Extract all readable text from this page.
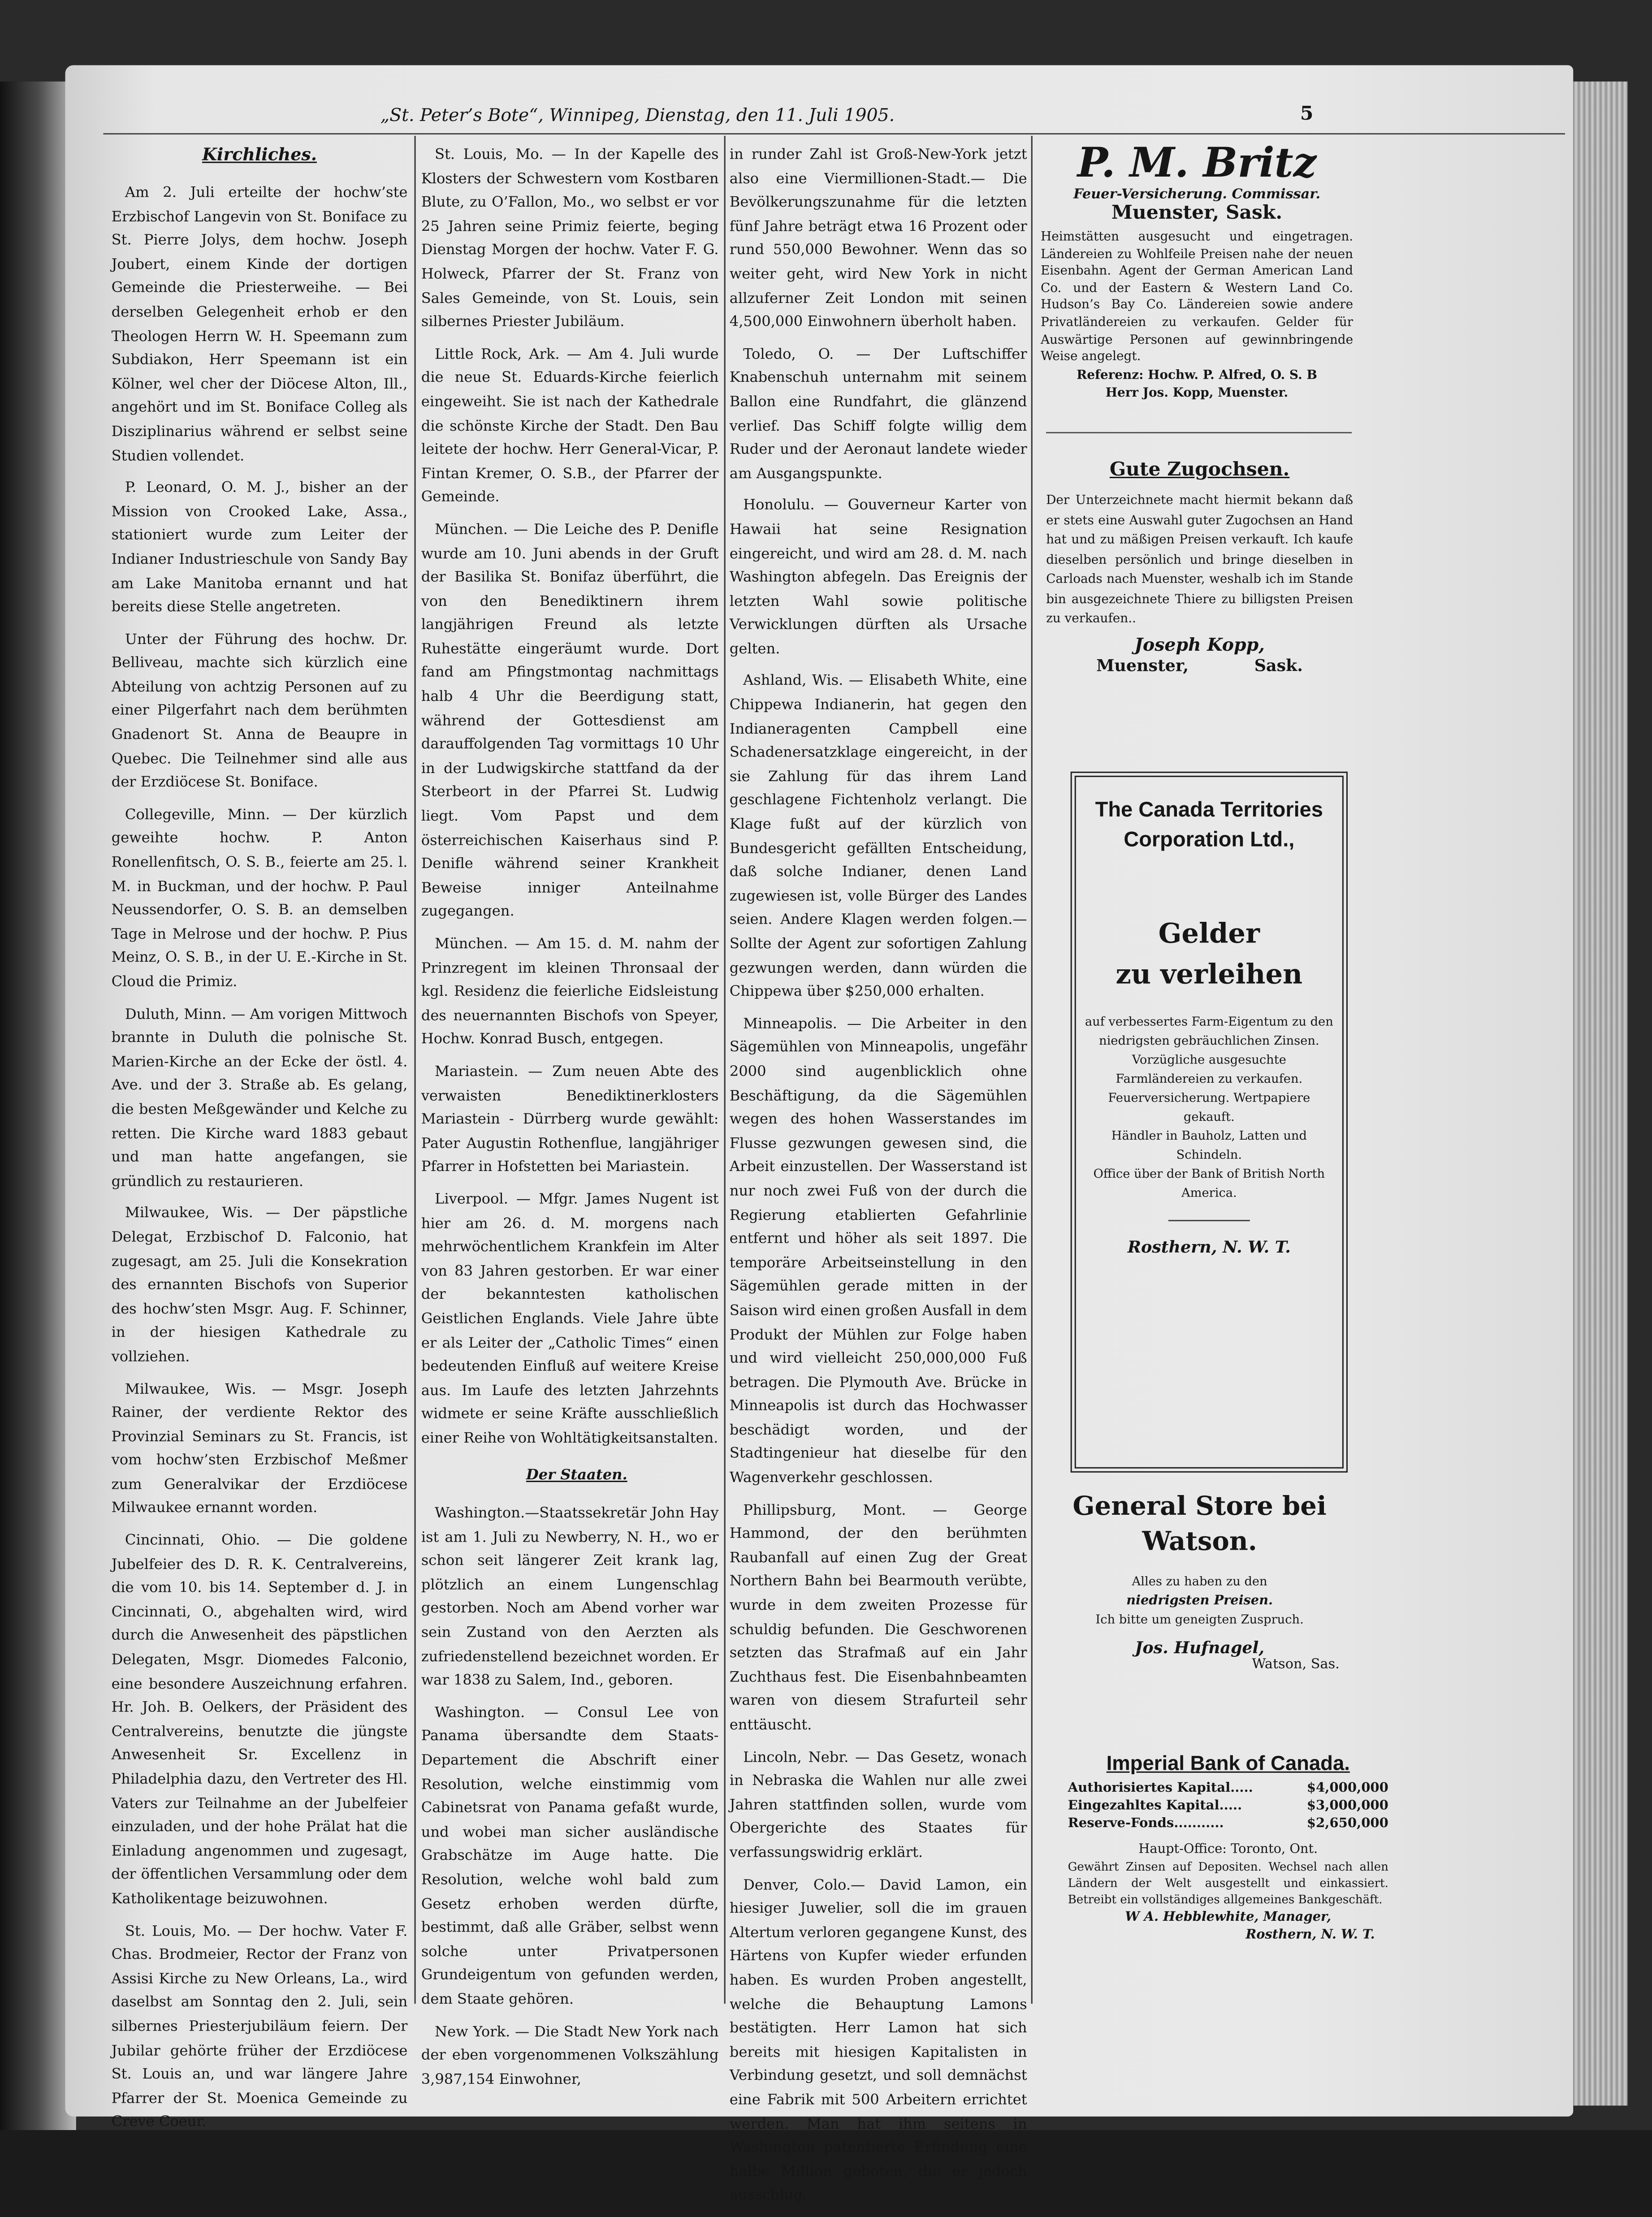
„St. Peter’s Bote“, Winnipeg, Dienstag, den 11. Juli 1905.	5
Kirchliches.

Am 2. Juli erteilte der hochw’ste Erzbischof Langevin von St. Boniface zu St. Pierre Jolys, dem hochw. Joseph Joubert, einem Kinde der dortigen Gemeinde die Priesterweihe. — Bei derselben Gelegenheit erhob er den Theologen Herrn W. H. Speemann zum Subdiakon, Herr Speemann ist ein Kölner, wel cher der Diöcese Alton, Ill., angehört und im St. Boniface Colleg als Disziplinarius während er selbst seine Studien vollendet.

P. Leonard, O. M. J., bisher an der Mission von Crooked Lake, Assa., stationiert wurde zum Leiter der Indianer Industrieschule von Sandy Bay am Lake Manitoba ernannt und hat bereits diese Stelle angetreten.

Unter der Führung des hochw. Dr. Belliveau, machte sich kürzlich eine Abteilung von achtzig Personen auf zu einer Pilgerfahrt nach dem berühmten Gnadenort St. Anna de Beaupre in Quebec. Die Teilnehmer sind alle aus der Erzdiöcese St. Boniface.

Collegeville, Minn. — Der kürzlich geweihte hochw. P. Anton Ronellenfitsch, O. S. B., feierte am 25. l. M. in Buckman, und der hochw. P. Paul Neussendorfer, O. S. B. an demselben Tage in Melrose und der hochw. P. Pius Meinz, O. S. B., in der U. E.-Kirche in St. Cloud die Primiz.

Duluth, Minn. — Am vorigen Mittwoch brannte in Duluth die polnische St. Marien-Kirche an der Ecke der östl. 4. Ave. und der 3. Straße ab. Es gelang, die besten Meßgewänder und Kelche zu retten. Die Kirche ward 1883 gebaut und man hatte angefangen, sie gründlich zu restaurieren.

Milwaukee, Wis. — Der päpstliche Delegat, Erzbischof D. Falconio, hat zugesagt, am 25. Juli die Konsekration des ernannten Bischofs von Superior des hochw’sten Msgr. Aug. F. Schinner, in der hiesigen Kathedrale zu vollziehen.

Milwaukee, Wis. — Msgr. Joseph Rainer, der verdiente Rektor des Provinzial Seminars zu St. Francis, ist vom hochw’sten Erzbischof Meßmer zum Generalvikar der Erzdiöcese Milwaukee ernannt worden.

Cincinnati, Ohio. — Die goldene Jubelfeier des D. R. K. Centralvereins, die vom 10. bis 14. September d. J. in Cincinnati, O., abgehalten wird, wird durch die Anwesenheit des päpstlichen Delegaten, Msgr. Diomedes Falconio, eine besondere Auszeichnung erfahren. Hr. Joh. B. Oelkers, der Präsident des Centralvereins, benutzte die jüngste Anwesenheit Sr. Excellenz in Philadelphia dazu, den Vertreter des Hl. Vaters zur Teilnahme an der Jubelfeier einzuladen, und der hohe Prälat hat die Einladung angenommen und zugesagt, der öffentlichen Versammlung oder dem Katholikentage beizuwohnen.

St. Louis, Mo. — Der hochw. Vater F. Chas. Brodmeier, Rector der Franz von Assisi Kirche zu New Orleans, La., wird daselbst am Sonntag den 2. Juli, sein silbernes Priesterjubiläum feiern. Der Jubilar gehörte früher der Erzdiöcese St. Louis an, und war längere Jahre Pfarrer der St. Moenica Gemeinde zu Creve Coeur.

St. Louis, Mo. — In der Kapelle des Klosters der Schwestern vom Kostbaren Blute, zu O’Fallon, Mo., wo selbst er vor 25 Jahren seine Primiz feierte, beging Dienstag Morgen der hochw. Vater F. G. Holweck, Pfarrer der St. Franz von Sales Gemeinde, von St. Louis, sein silbernes Priester Jubiläum.

Little Rock, Ark. — Am 4. Juli wurde die neue St. Eduards-Kirche feierlich eingeweiht. Sie ist nach der Kathedrale die schönste Kirche der Stadt. Den Bau leitete der hochw. Herr General-Vicar, P. Fintan Kremer, O. S.B., der Pfarrer der Gemeinde.

München. — Die Leiche des P. Denifle wurde am 10. Juni abends in der Gruft der Basilika St. Bonifaz überführt, die von den Benediktinern ihrem langjährigen Freund als letzte Ruhestätte eingeräumt wurde. Dort fand am Pfingstmontag nachmittags halb 4 Uhr die Beerdigung statt, während der Gottesdienst am darauffolgenden Tag vormittags 10 Uhr in der Ludwigskirche stattfand da der Sterbeort in der Pfarrei St. Ludwig liegt. Vom Papst und dem österreichischen Kaiserhaus sind P. Denifle während seiner Krankheit Beweise inniger Anteilnahme zugegangen.

München. — Am 15. d. M. nahm der Prinzregent im kleinen Thronsaal der kgl. Residenz die feierliche Eidsleistung des neuernannten Bischofs von Speyer, Hochw. Konrad Busch, entgegen.

Mariastein. — Zum neuen Abte des verwaisten Benediktinerklosters Mariastein - Dürrberg wurde gewählt: Pater Augustin Rothenflue, langjähriger Pfarrer in Hofstetten bei Mariastein.

Liverpool. — Mfgr. James Nugent ist hier am 26. d. M. morgens nach mehrwöchentlichem Krankfein im Alter von 83 Jahren gestorben. Er war einer der bekanntesten katholischen Geistlichen Englands. Viele Jahre übte er als Leiter der „Catholic Times“ einen bedeutenden Einfluß auf weitere Kreise aus. Im Laufe des letzten Jahrzehnts widmete er seine Kräfte ausschließlich einer Reihe von Wohltätigkeitsanstalten.

Der Staaten.

Washington.—Staatssekretär John Hay ist am 1. Juli zu Newberry, N. H., wo er schon seit längerer Zeit krank lag, plötzlich an einem Lungenschlag gestorben. Noch am Abend vorher war sein Zustand von den Aerzten als zufriedenstellend bezeichnet worden. Er war 1838 zu Salem, Ind., geboren.

Washington. — Consul Lee von Panama übersandte dem Staats-Departement die Abschrift einer Resolution, welche einstimmig vom Cabinetsrat von Panama gefaßt wurde, und wobei man sicher ausländische Grabschätze im Auge hatte. Die Resolution, welche wohl bald zum Gesetz erhoben werden dürfte, bestimmt, daß alle Gräber, selbst wenn solche unter Privatpersonen Grundeigentum von gefunden werden, dem Staate gehören.

New York. — Die Stadt New York nach der eben vorgenommenen Volkszählung 3,987,154 Einwohner,

in runder Zahl ist Groß-New-York jetzt also eine Viermillionen-Stadt.— Die Bevölkerungszunahme für die letzten fünf Jahre beträgt etwa 16 Prozent oder rund 550,000 Bewohner. Wenn das so weiter geht, wird New York in nicht allzuferner Zeit London mit seinen 4,500,000 Einwohnern überholt haben.

Toledo, O. — Der Luftschiffer Knabenschuh unternahm mit seinem Ballon eine Rundfahrt, die glänzend verlief. Das Schiff folgte willig dem Ruder und der Aeronaut landete wieder am Ausgangspunkte.

Honolulu. — Gouverneur Karter von Hawaii hat seine Resignation eingereicht, und wird am 28. d. M. nach Washington abfegeln. Das Ereignis der letzten Wahl sowie politische Verwicklungen dürften als Ursache gelten.

Ashland, Wis. — Elisabeth White, eine Chippewa Indianerin, hat gegen den Indianeragenten Campbell eine Schadenersatzklage eingereicht, in der sie Zahlung für das ihrem Land geschlagene Fichtenholz verlangt. Die Klage fußt auf der kürzlich von Bundesgericht gefällten Entscheidung, daß solche Indianer, denen Land zugewiesen ist, volle Bürger des Landes seien. Andere Klagen werden folgen.— Sollte der Agent zur sofortigen Zahlung gezwungen werden, dann würden die Chippewa über $250,000 erhalten.

Minneapolis. — Die Arbeiter in den Sägemühlen von Minneapolis, ungefähr 2000 sind augenblicklich ohne Beschäftigung, da die Sägemühlen wegen des hohen Wasserstandes im Flusse gezwungen gewesen sind, die Arbeit einzustellen. Der Wasserstand ist nur noch zwei Fuß von der durch die Regierung etablierten Gefahrlinie entfernt und höher als seit 1897. Die temporäre Arbeitseinstellung in den Sägemühlen gerade mitten in der Saison wird einen großen Ausfall in dem Produkt der Mühlen zur Folge haben und wird vielleicht 250,000,000 Fuß betragen. Die Plymouth Ave. Brücke in Minneapolis ist durch das Hochwasser beschädigt worden, und der Stadtingenieur hat dieselbe für den Wagenverkehr geschlossen.

Phillipsburg, Mont. — George Hammond, der den berühmten Raubanfall auf einen Zug der Great Northern Bahn bei Bearmouth verübte, wurde in dem zweiten Prozesse für schuldig befunden. Die Geschworenen setzten das Strafmaß auf ein Jahr Zuchthaus fest. Die Eisenbahnbeamten waren von diesem Strafurteil sehr enttäuscht.

Lincoln, Nebr. — Das Gesetz, wonach in Nebraska die Wahlen nur alle zwei Jahren stattfinden sollen, wurde vom Obergerichte des Staates für verfassungswidrig erklärt.

Denver, Colo.— David Lamon, ein hiesiger Juwelier, soll die im grauen Altertum verloren gegangene Kunst, des Härtens von Kupfer wieder erfunden haben. Es wurden Proben angestellt, welche die Behauptung Lamons bestätigten. Herr Lamon hat sich bereits mit hiesigen Kapitalisten in Verbindung gesetzt, und soll demnächst eine Fabrik mit 500 Arbeitern errichtet werden. Man hat ihm seitens in Washington patentierte Erfindung eine halbe Million geboten, die er jedoch ausschlug.

P. M. Britz
Feuer-Versicherung. Commissar.
Muenster, Sask.
Heimstätten ausgesucht und eingetragen. Ländereien zu Wohlfeile Preisen nahe der neuen Eisenbahn. Agent der German American Land Co. und der Eastern & Western Land Co. Hudson’s Bay Co. Ländereien sowie andere Privatländereien zu verkaufen. Gelder für Auswärtige Personen auf gewinnbringende Weise angelegt.
Referenz: Hochw. P. Alfred, O. S. B
Herr Jos. Kopp, Muenster.
Gute Zugochsen.
Der Unterzeichnete macht hiermit bekann daß er stets eine Auswahl guter Zugochsen an Hand hat und zu mäßigen Preisen verkauft. Ich kaufe dieselben persönlich und bringe dieselben in Carloads nach Muenster, weshalb ich im Stande bin ausgezeichnete Thiere zu billigsten Preisen zu verkaufen..
Joseph Kopp,
Muenster,	Sask.
The Canada Territories
Corporation Ltd.,
Gelder
zu verleihen
auf verbessertes Farm-Eigentum zu den niedrigsten gebräuchlichen Zinsen.
Vorzügliche ausgesuchte Farmländereien zu verkaufen.
Feuerversicherung. Wertpapiere gekauft.
Händler in Bauholz, Latten und Schindeln.
Office über der Bank of British North America.
Rosthern, N. W. T.
General Store bei
Watson.
Alles zu haben zu den
niedrigsten Preisen.
Ich bitte um geneigten Zuspruch.
Jos. Hufnagel,
Watson, Sas.
Imperial Bank of Canada.
Authorisiertes Kapital.....	$4,000,000
Eingezahltes Kapital.....	$3,000,000
Reserve-Fonds...........	$2,650,000
Haupt-Office: Toronto, Ont.
Gewährt Zinsen auf Depositen. Wechsel nach allen Ländern der Welt ausgestellt und einkassiert. Betreibt ein vollständiges allgemeines Bankgeschäft.
W A. Hebblewhite, Manager,
Rosthern, N. W. T.
